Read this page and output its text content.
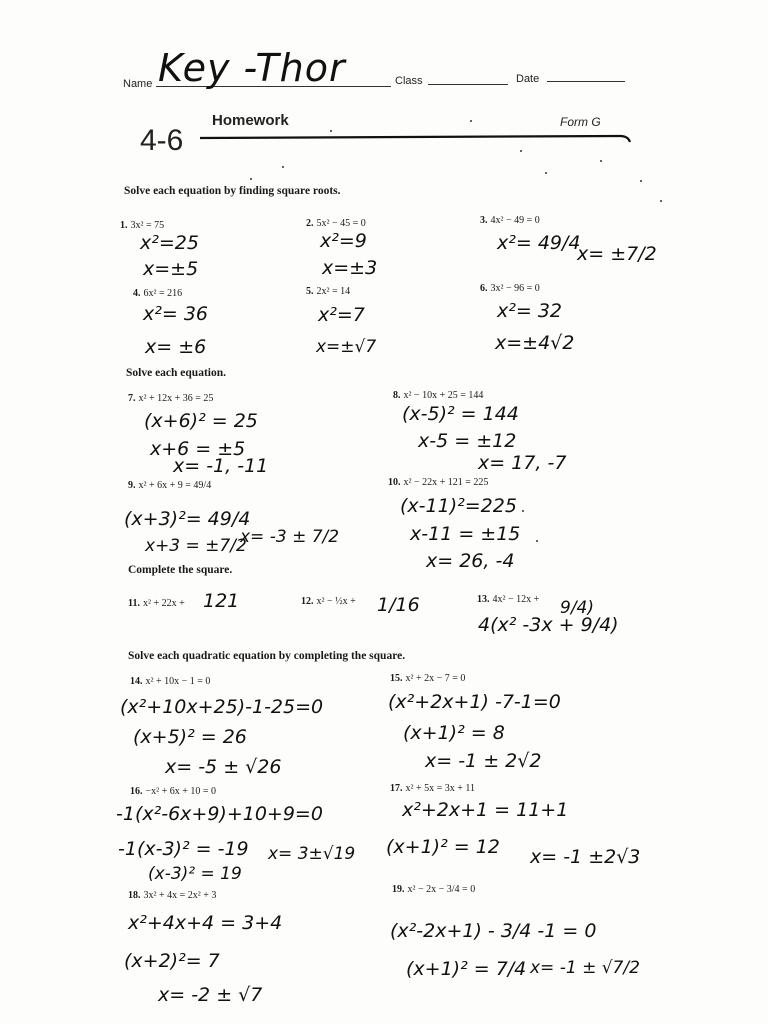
Name Key -Thor	Class	Date
4-6
Homework	Form G
Solve each equation by finding square roots.
1. 3x² = 75
x²=25
x=±5
2. 5x² − 45 = 0
x²=9
x=±3
3. 4x² − 49 = 0
x²= 49/4
x= ±7/2
4. 6x² = 216
x²= 36
x= ±6
5. 2x² = 14
x²=7
x=±√7
6. 3x² − 96 = 0
x²= 32
x=±4√2
Solve each equation.
7. x² + 12x + 36 = 25
(x+6)² = 25
x+6 = ±5
x= -1, -11
8. x² − 10x + 25 = 144
(x-5)² = 144
x-5 = ±12
x= 17, -7
9. x² + 6x + 9 = 49/4
(x+3)²= 49/4
x+3 = ±7/2
x= -3 ± 7/2
10. x² − 22x + 121 = 225
(x-11)²=225
x-11 = ±15
x= 26, -4
Complete the square.
11. x² + 22x + 121	12. x² − ½x + 1/16	13. 4x² − 12x + 9/4)
4(x² -3x + 9/4)
Solve each quadratic equation by completing the square.
14. x² + 10x − 1 = 0
(x²+10x+25)-1-25=0
(x+5)² = 26
x= -5 ± √26
15. x² + 2x − 7 = 0
(x²+2x+1) -7-1=0
(x+1)² = 8
x= -1 ± 2√2
16. −x² + 6x + 10 = 0
-1(x²-6x+9)+10+9=0
-1(x-3)² = -19
(x-3)² = 19
x= 3±√19
17. x² + 5x = 3x + 11
x²+2x+1 = 11+1
(x+1)² = 12 x= -1 ±2√3
18. 3x² + 4x = 2x² + 3
x²+4x+4 = 3+4
(x+2)²= 7
x= -2 ± √7
19. x² − 2x − 3/4 = 0
(x²-2x+1) - 3/4 -1 = 0
(x+1)² = 7/4 x= -1 ± √7/2
